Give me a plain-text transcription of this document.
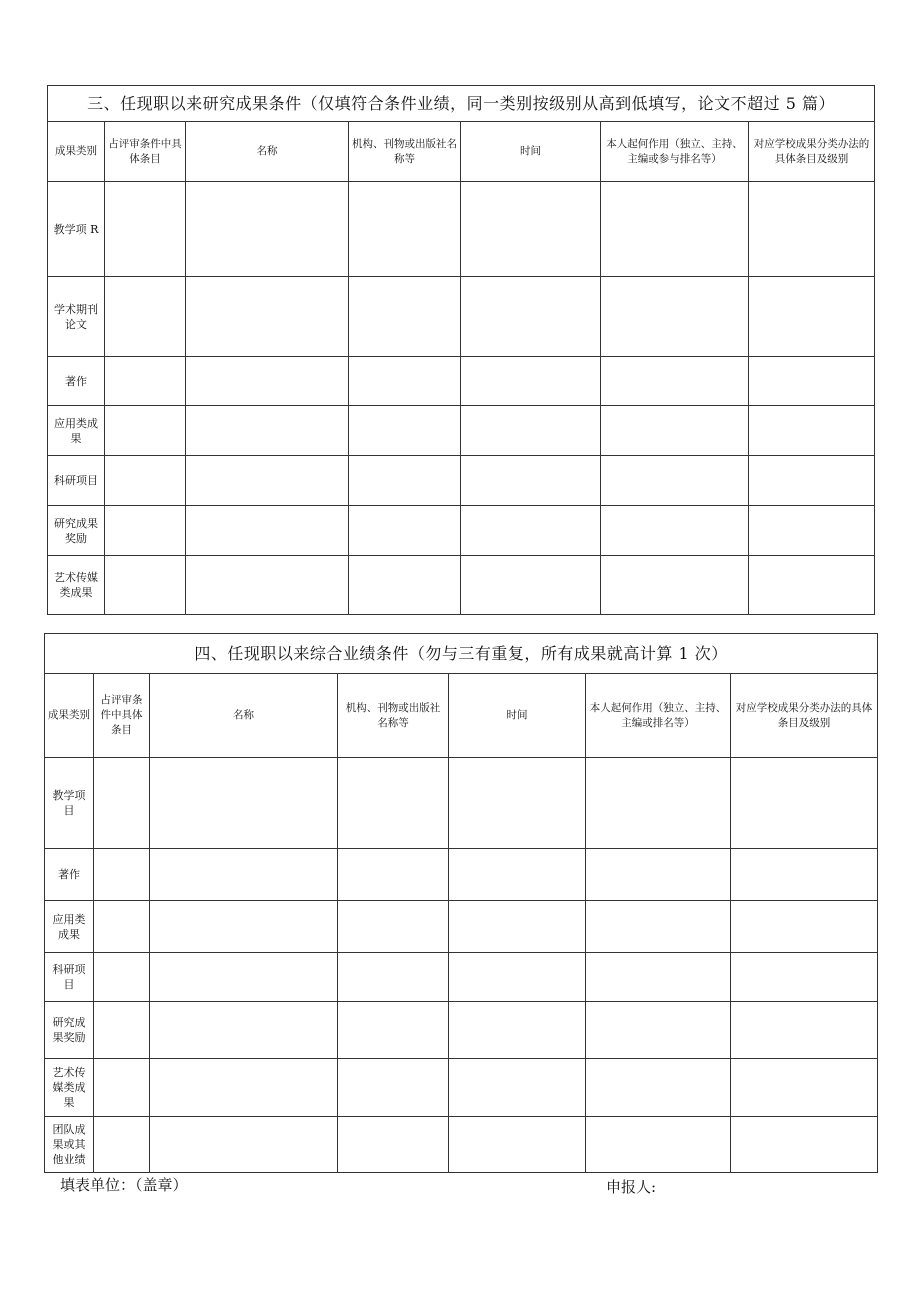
三、任现职以来研究成果条件（仅填符合条件业绩，同一类别按级别从高到低填写，论文不超过 5 篇）						
成果类别	占评审条件中具体条目	名称	机构、刊物或出版社名称等	时间	本人起何作用（独立、主持、主编或参与排名等）	对应学校成果分类办法的具体条目及级别
教学项 R						
学术期刊论文						
著作						
应用类成果						
科研项目						
研究成果奖励						
艺术传媒类成果						
四、任现职以来综合业绩条件（勿与三有重复，所有成果就高计算 1 次）						
成果类别	占评审条件中具体条目	名称	机构、刊物或出版社名称等	时间	本人起何作用（独立、主持、主编或排名等）	对应学校成果分类办法的具体条目及级别
教学项目						
著作						
应用类成果						
科研项目						
研究成果奖励						
艺术传媒类成果						
团队成果或其他业绩						
填表单位：（盖章）	申报人:
